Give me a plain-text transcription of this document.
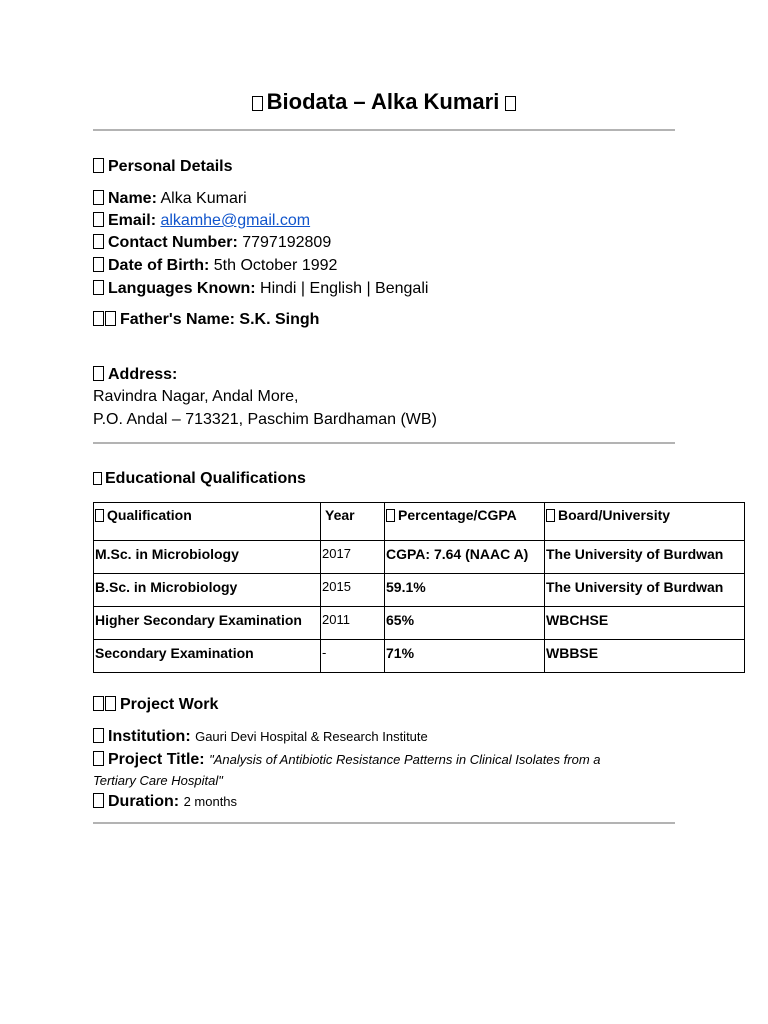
Biodata – Alka Kumari
Personal Details
Name: Alka Kumari
Email: alkamhe@gmail.com
Contact Number: 7797192809
Date of Birth: 5th October 1992
Languages Known: Hindi | English | Bengali
Father's Name: S.K. Singh
Address:
Ravindra Nagar, Andal More,
P.O. Andal – 713321, Paschim Bardhaman (WB)
Educational Qualifications
Qualification	Year	Percentage/CGPA	Board/University
M.Sc. in Microbiology	2017	CGPA: 7.64 (NAAC A)	The University of Burdwan
B.Sc. in Microbiology	2015	59.1%	The University of Burdwan
Higher Secondary Examination	2011	65%	WBCHSE
Secondary Examination	-	71%	WBBSE
Project Work
Institution: Gauri Devi Hospital & Research Institute
Project Title: "Analysis of Antibiotic Resistance Patterns in Clinical Isolates from a
Tertiary Care Hospital"
Duration: 2 months
